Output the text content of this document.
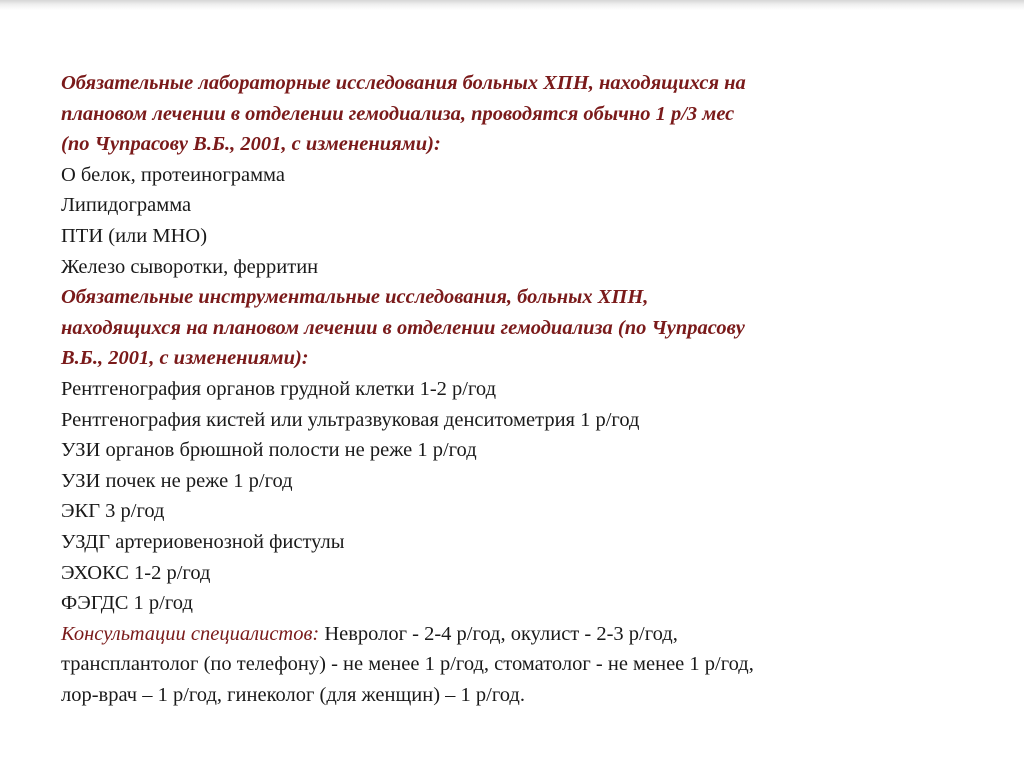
Обязательные лабораторные исследования больных ХПН, находящихся на
плановом лечении в отделении гемодиализа, проводятся обычно 1 р/3 мес
(по Чупрасову В.Б., 2001, с изменениями):
О белок, протеинограмма
Липидограмма
ПТИ (или МНО)
Железо сыворотки, ферритин
Обязательные инструментальные исследования, больных ХПН,
находящихся на плановом лечении в отделении гемодиализа (по Чупрасову
В.Б., 2001, с изменениями):
Рентгенография органов грудной клетки 1-2 р/год
Рентгенография кистей или ультразвуковая денситометрия 1 р/год
УЗИ органов брюшной полости не реже 1 р/год
УЗИ почек не реже 1 р/год
ЭКГ 3 р/год
УЗДГ артериовенозной фистулы
ЭХОКС 1-2 р/год
ФЭГДС 1 р/год
Консультации специалистов: Невролог - 2-4 р/год, окулист - 2-3 р/год,
трансплантолог (по телефону) - не менее 1 р/год, стоматолог - не менее 1 р/год,
лор-врач – 1 р/год, гинеколог (для женщин) – 1 р/год.
